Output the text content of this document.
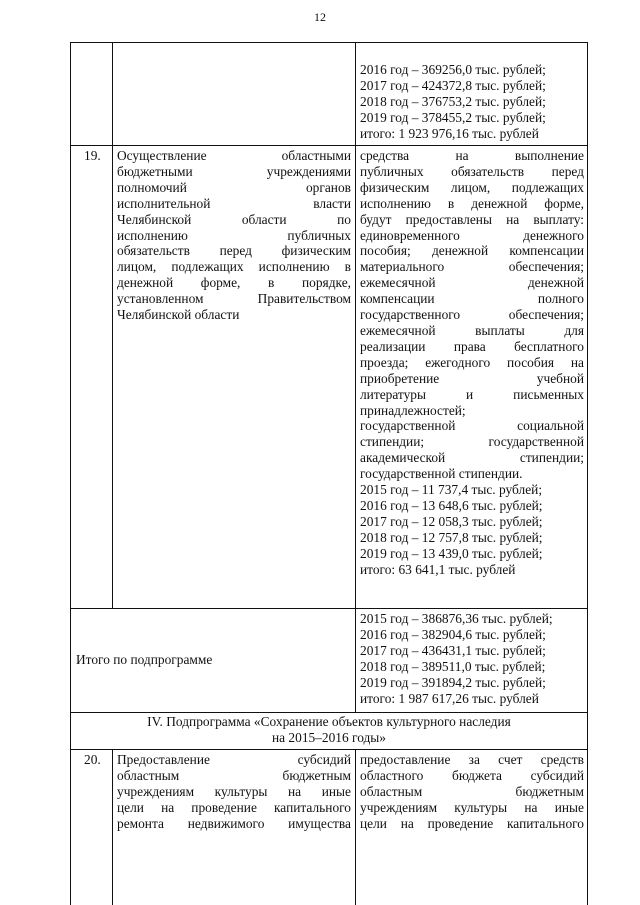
12
2016 год – 369256,0 тыс. рублей;
2017 год – 424372,8 тыс. рублей;
2018 год – 376753,2 тыс. рублей;
2019 год – 378455,2 тыс. рублей;
итого: 1 923 976,16 тыс. рублей
19.	Осуществление областными
бюджетными учреждениями
полномочий органов
исполнительной власти
Челябинской области по
исполнению публичных
обязательств перед физическим
лицом, подлежащих исполнению в
денежной форме, в порядке,
установленном Правительством
Челябинской области
средства на выполнение
публичных обязательств перед
физическим лицом, подлежащих
исполнению в денежной форме,
будут предоставлены на выплату:
единовременного денежного
пособия; денежной компенсации
материального обеспечения;
ежемесячной денежной
компенсации полного
государственного обеспечения;
ежемесячной выплаты для
реализации права бесплатного
проезда; ежегодного пособия на
приобретение учебной
литературы и письменных
принадлежностей;
государственной социальной
стипендии; государственной
академической стипендии;
государственной стипендии.
2015 год – 11 737,4 тыс. рублей;
2016 год – 13 648,6 тыс. рублей;
2017 год – 12 058,3 тыс. рублей;
2018 год – 12 757,8 тыс. рублей;
2019 год – 13 439,0 тыс. рублей;
итого: 63 641,1 тыс. рублей
Итого по подпрограмме
2015 год – 386876,36 тыс. рублей;
2016 год – 382904,6 тыс. рублей;
2017 год – 436431,1 тыс. рублей;
2018 год – 389511,0 тыс. рублей;
2019 год – 391894,2 тыс. рублей;
итого: 1 987 617,26 тыс. рублей
IV. Подпрограмма «Сохранение объектов культурного наследия
на 2015–2016 годы»
20.	Предоставление субсидий
областным бюджетным
учреждениям культуры на иные
цели на проведение капитального
ремонта недвижимого имущества
предоставление за счет средств
областного бюджета субсидий
областным бюджетным
учреждениям культуры на иные
цели на проведение капитального
